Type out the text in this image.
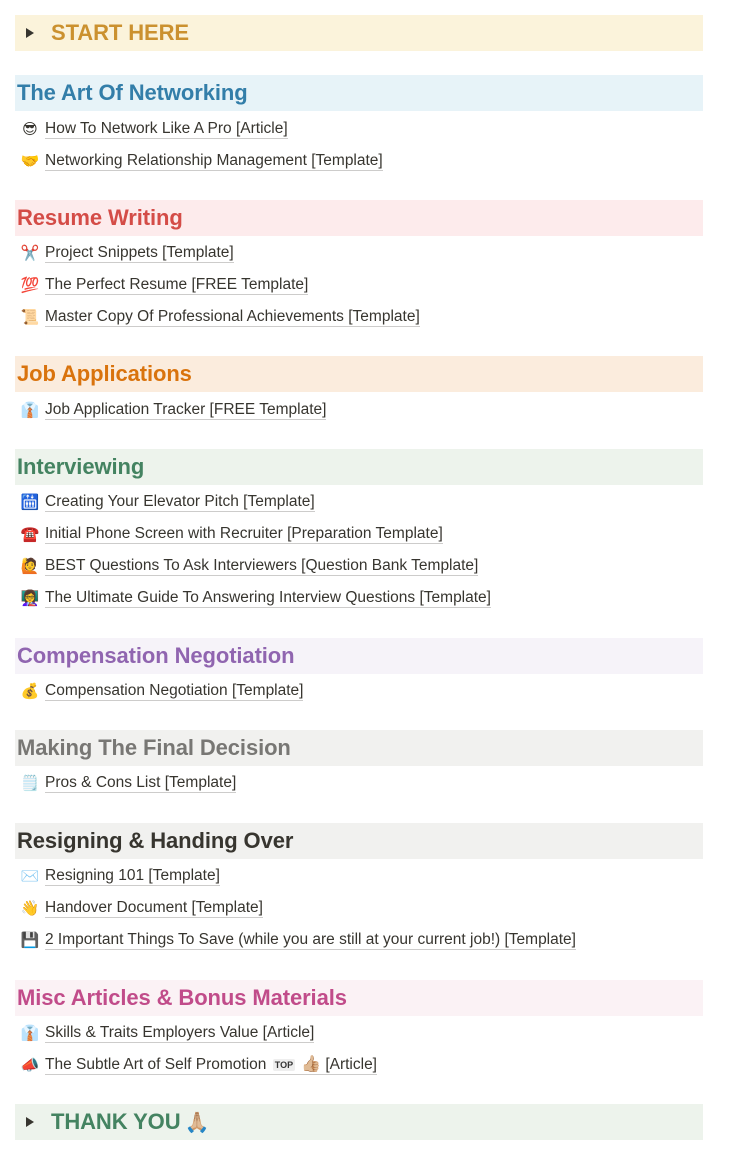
START HERE
The Art Of Networking
😎 How To Network Like A Pro [Article]
🤝 Networking Relationship Management [Template]
Resume Writing
✂️ Project Snippets [Template]
💯 The Perfect Resume [FREE Template]
📜 Master Copy Of Professional Achievements [Template]
Job Applications
👔 Job Application Tracker [FREE Template]
Interviewing
🛗 Creating Your Elevator Pitch [Template]
☎️ Initial Phone Screen with Recruiter [Preparation Template]
🙋 BEST Questions To Ask Interviewers [Question Bank Template]
👩‍🏫 The Ultimate Guide To Answering Interview Questions [Template]
Compensation Negotiation
💰 Compensation Negotiation [Template]
Making The Final Decision
🗒️ Pros & Cons List [Template]
Resigning & Handing Over
✉️ Resigning 101 [Template]
👋 Handover Document [Template]
💾 2 Important Things To Save (while you are still at your current job!) [Template]
Misc Articles & Bonus Materials
👔 Skills & Traits Employers Value [Article]
📣 The Subtle Art of Self Promotion TOP 👍🏼 [Article]
THANK YOU 🙏🏼
